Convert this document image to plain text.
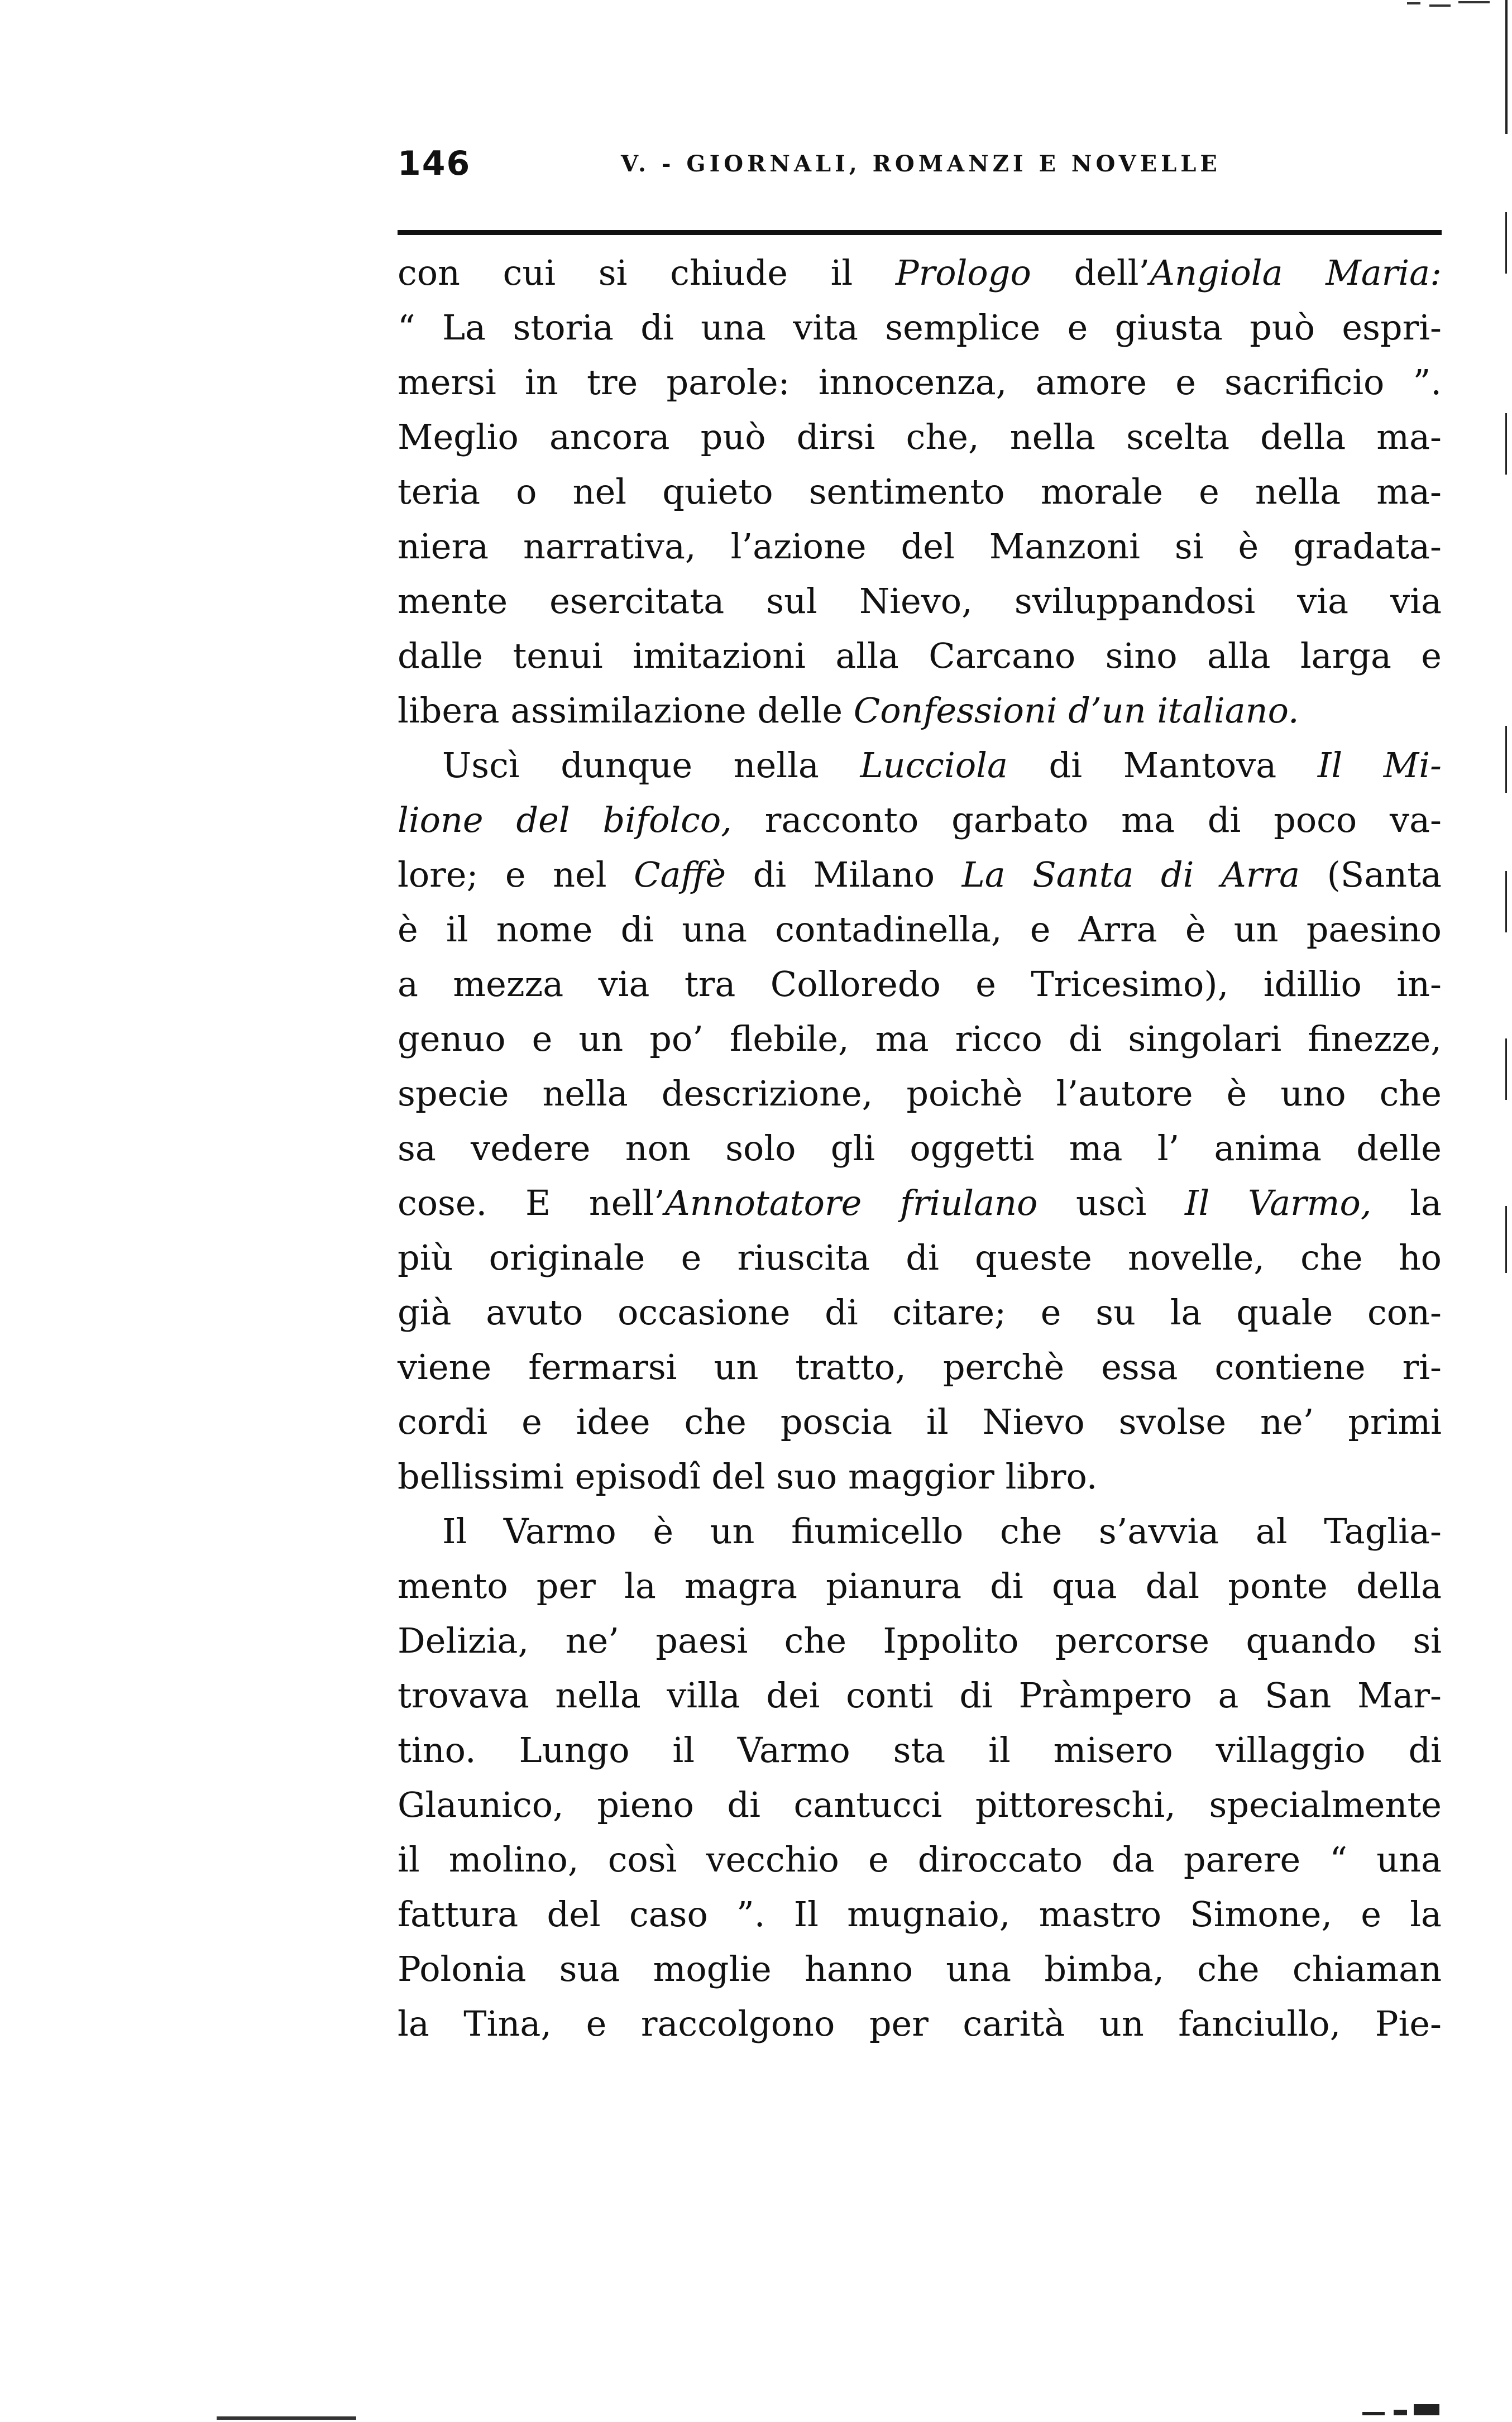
146	V. - GIORNALI, ROMANZI E NOVELLE
con cui si chiude il Prologo dell’Angiola Maria:
“ La storia di una vita semplice e giusta può espri-
mersi in tre parole: innocenza, amore e sacrificio ”.
Meglio ancora può dirsi che, nella scelta della ma-
teria o nel quieto sentimento morale e nella ma-
niera narrativa, l’azione del Manzoni si è gradata-
mente esercitata sul Nievo, sviluppandosi via via
dalle tenui imitazioni alla Carcano sino alla larga e
libera assimilazione delle Confessioni d’un italiano.
Uscì dunque nella Lucciola di Mantova Il Mi-
lione del bifolco, racconto garbato ma di poco va-
lore; e nel Caffè di Milano La Santa di Arra (Santa
è il nome di una contadinella, e Arra è un paesino
a mezza via tra Colloredo e Tricesimo), idillio in-
genuo e un po’ flebile, ma ricco di singolari finezze,
specie nella descrizione, poichè l’autore è uno che
sa vedere non solo gli oggetti ma l’ anima delle
cose. E nell’Annotatore friulano uscì Il Varmo, la
più originale e riuscita di queste novelle, che ho
già avuto occasione di citare; e su la quale con-
viene fermarsi un tratto, perchè essa contiene ri-
cordi e idee che poscia il Nievo svolse ne’ primi
bellissimi episodî del suo maggior libro.
Il Varmo è un fiumicello che s’avvia al Taglia-
mento per la magra pianura di qua dal ponte della
Delizia, ne’ paesi che Ippolito percorse quando si
trovava nella villa dei conti di Pràmpero a San Mar-
tino. Lungo il Varmo sta il misero villaggio di
Glaunico, pieno di cantucci pittoreschi, specialmente
il molino, così vecchio e diroccato da parere “ una
fattura del caso ”. Il mugnaio, mastro Simone, e la
Polonia sua moglie hanno una bimba, che chiaman
la Tina, e raccolgono per carità un fanciullo, Pie-
